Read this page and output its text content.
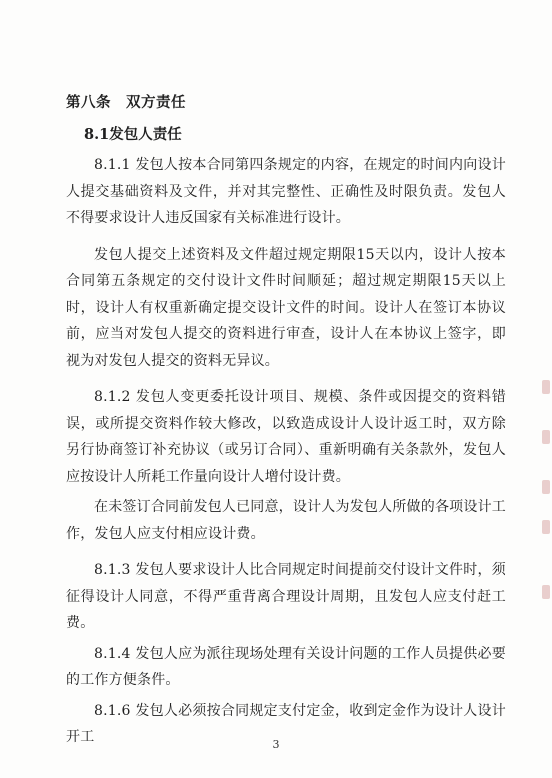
第八条　双方责任
8.1发包人责任

8.1.1 发包人按本合同第四条规定的内容，在规定的时间内向设计人提交基础资料及文件，并对其完整性、正确性及时限负责。发包人不得要求设计人违反国家有关标准进行设计。

发包人提交上述资料及文件超过规定期限15天以内，设计人按本合同第五条规定的交付设计文件时间顺延；超过规定期限15天以上时，设计人有权重新确定提交设计文件的时间。设计人在签订本协议前，应当对发包人提交的资料进行审查，设计人在本协议上签字，即视为对发包人提交的资料无异议。

8.1.2 发包人变更委托设计项目、规模、条件或因提交的资料错误，或所提交资料作较大修改，以致造成设计人设计返工时，双方除另行协商签订补充协议（或另订合同）、重新明确有关条款外，发包人应按设计人所耗工作量向设计人增付设计费。

在未签订合同前发包人已同意，设计人为发包人所做的各项设计工作，发包人应支付相应设计费。

8.1.3 发包人要求设计人比合同规定时间提前交付设计文件时，须征得设计人同意，不得严重背离合理设计周期，且发包人应支付赶工费。

8.1.4 发包人应为派往现场处理有关设计问题的工作人员提供必要的工作方便条件。

8.1.6 发包人必须按合同规定支付定金，收到定金作为设计人设计开工	3
